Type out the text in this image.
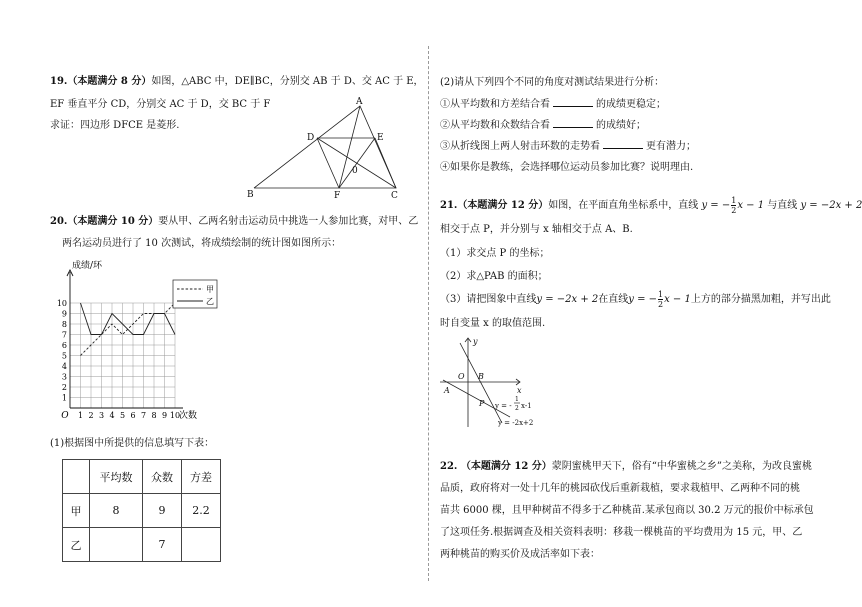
19.（本题满分 8 分）如图，△ABC 中，DE∥BC，分别交 AB 于 D、交 AC 于 E，
EF 垂直平分 CD，分别交 AC 于 D，交 BC 于 F
求证：四边形 DFCE 是菱形.
A
B	C
D	E
F
0
20.（本题满分 10 分）要从甲、乙两名射击运动员中挑选一人参加比赛，对甲、乙
两名运动员进行了 10 次测试，将成绩绘制的统计图如图所示：
1
2
3
4
5
6
7
8
9
10
1 2 3 4 5 6 7 8 9 10
O
成绩/环
次数
甲
乙
(1)根据图中所提供的信息填写下表：
	平均数	众数	方差
甲	8	9	2.2
乙		7	
(2)请从下列四个不同的角度对测试结果进行分析：
①从平均数和方差结合看	的成绩更稳定；
②从平均数和众数结合看	的成绩好；
③从折线图上两人射击环数的走势看	更有潜力；
④如果你是教练，会选择哪位运动员参加比赛？说明理由.
21.（本题满分 12 分）如图，在平面直角坐标系中，直线 y = − $\frac{1}{2}$ x − 1 与直线 y = −2x + 2
相交于点 P，并分别与 x 轴相交于点 A、B.
（1）求交点 P 的坐标；
（2）求△PAB 的面积；
（3）请把图象中直线y = −2x + 2在直线y = − $\frac{1}{2}$ x − 1上方的部分描黑加粗，并写出此
时自变量 x 的取值范围.
y
x
O B
A
P y = -
1
2 x-1
y = -2x+2
22. （本题满分 12 分）蒙阴蜜桃甲天下，俗有“中华蜜桃之乡”之美称，为改良蜜桃
品质，政府将对一处十几年的桃园砍伐后重新栽植，要求栽植甲、乙两种不同的桃
苗共 6000 棵，且甲种树苗不得多于乙种桃苗.某承包商以 30.2 万元的报价中标承包
了这项任务.根据调查及相关资料表明：移栽一棵桃苗的平均费用为 15 元，甲、乙
两种桃苗的购买价及成活率如下表：
